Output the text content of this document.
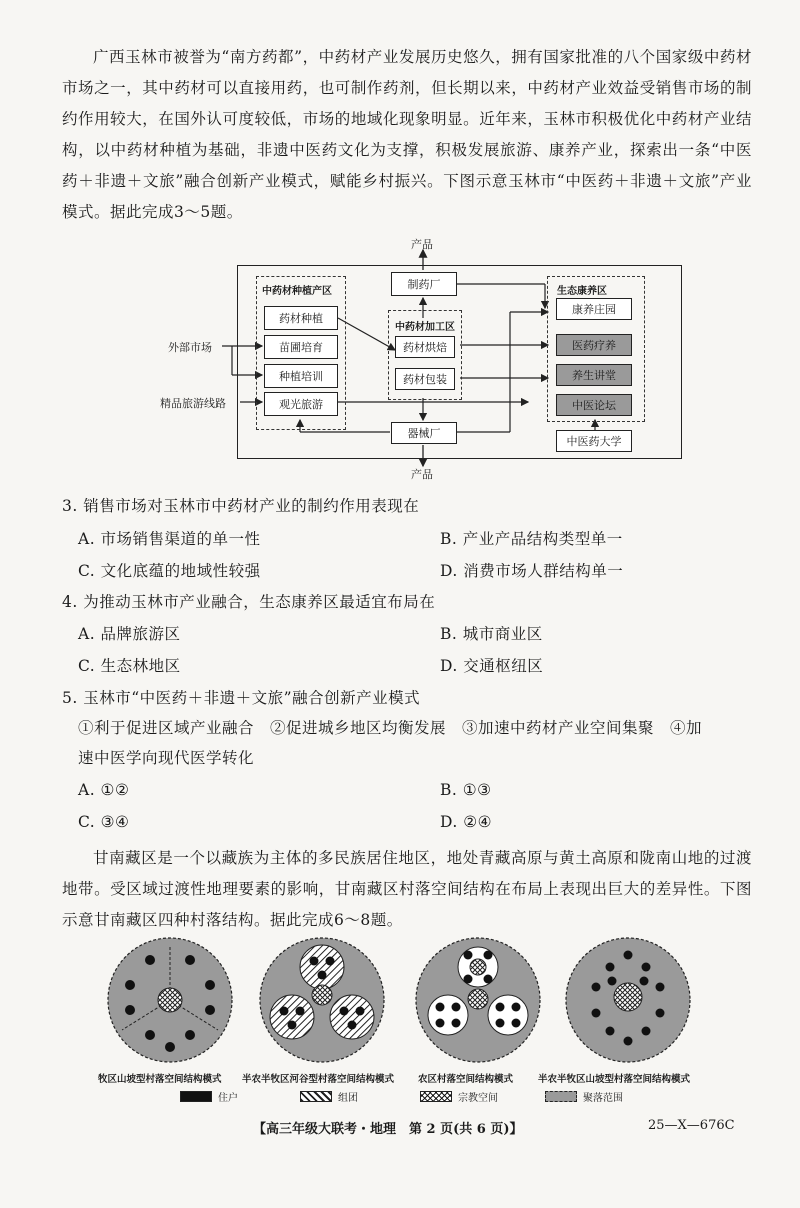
广西玉林市被誉为“南方药都”，中药材产业发展历史悠久，拥有国家批准的八个国家级中药材市场之一，其中药材可以直接用药，也可制作药剂，但长期以来，中药材产业效益受销售市场的制约作用较大，在国外认可度较低，市场的地域化现象明显。近年来，玉林市积极优化中药材产业结构，以中药材种植为基础，非遗中医药文化为支撑，积极发展旅游、康养产业，探索出一条“中医药＋非遗＋文旅”融合创新产业模式，赋能乡村振兴。下图示意玉林市“中医药＋非遗＋文旅”产业模式。据此完成3～5题。
产品
产品
外部市场
精品旅游线路
中药材种植产区
药材种植
苗圃培育
种植培训
观光旅游
制药厂
中药材加工区
药材烘焙
药材包装
器械厂
生态康养区
康养庄园
医药疗养
养生讲堂
中医论坛
中医药大学
3. 销售市场对玉林市中药材产业的制约作用表现在
A. 市场销售渠道的单一性	B. 产业产品结构类型单一
C. 文化底蕴的地域性较强	D. 消费市场人群结构单一
4. 为推动玉林市产业融合，生态康养区最适宜布局在
A. 品牌旅游区	B. 城市商业区
C. 生态林地区	D. 交通枢纽区
5. 玉林市“中医药＋非遗＋文旅”融合创新产业模式
①利于促进区域产业融合　②促进城乡地区均衡发展　③加速中药材产业空间集聚　④加
速中医学向现代医学转化
A. ①②	B. ①③
C. ③④	D. ②④
甘南藏区是一个以藏族为主体的多民族居住地区，地处青藏高原与黄土高原和陇南山地的过渡地带。受区域过渡性地理要素的影响，甘南藏区村落空间结构在布局上表现出巨大的差异性。下图示意甘南藏区四种村落结构。据此完成6～8题。
牧区山坡型村落空间结构模式 半农半牧区河谷型村落空间结构模式	农区村落空间结构模式	半农半牧区山坡型村落空间结构模式
住户	组团	宗教空间	聚落范围
【高三年级大联考・地理　第 2 页(共 6 页)】	25—X—676C
